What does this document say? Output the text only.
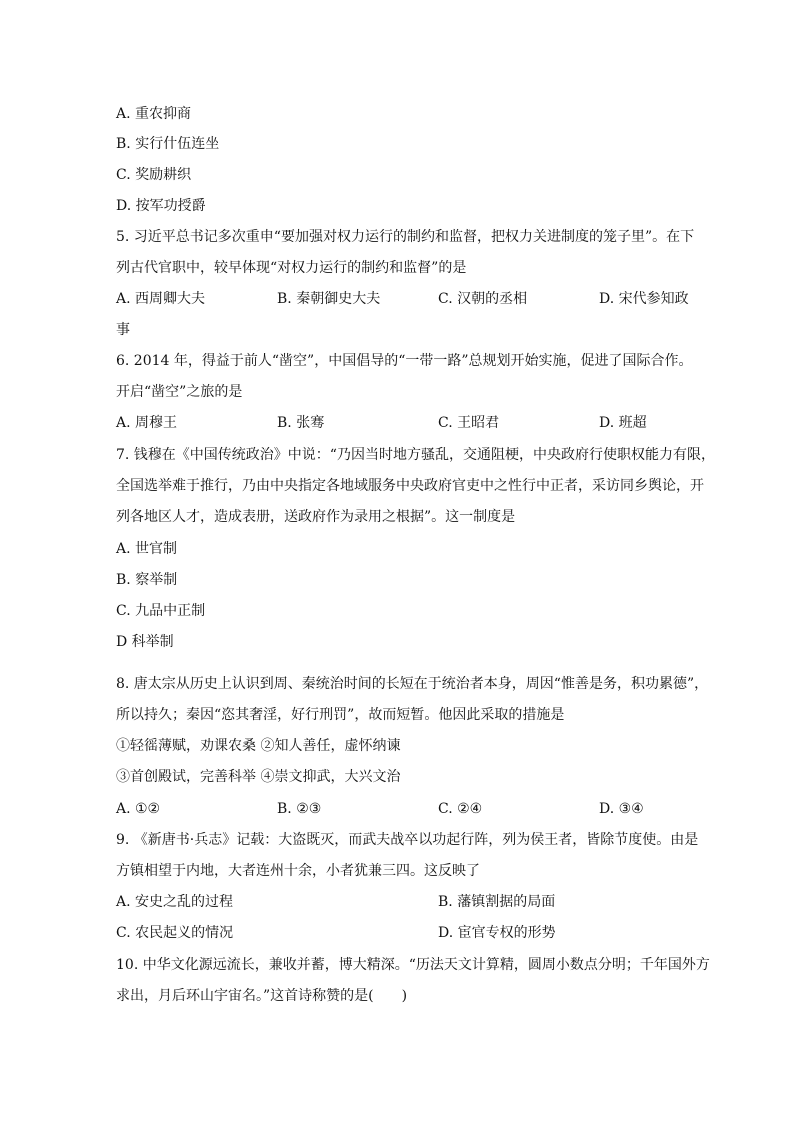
A. 重农抑商
B. 实行什伍连坐
C. 奖励耕织
D. 按军功授爵
5. 习近平总书记多次重申“要加强对权力运行的制约和监督，把权力关进制度的笼子里”。在下
列古代官职中，较早体现“对权力运行的制约和监督”的是
A. 西周卿大夫	B. 秦朝御史大夫	C. 汉朝的丞相	D. 宋代参知政
事
6. 2014 年，得益于前人“凿空”，中国倡导的“一带一路”总规划开始实施，促进了国际合作。
开启“凿空”之旅的是
A. 周穆王	B. 张骞	C. 王昭君	D. 班超
7. 钱穆在《中国传统政治》中说：“乃因当时地方骚乱，交通阻梗，中央政府行使职权能力有限，
全国选举难于推行，乃由中央指定各地域服务中央政府官吏中之性行中正者，采访同乡舆论，开
列各地区人才，造成表册，送政府作为录用之根据”。这一制度是
A. 世官制
B. 察举制
C. 九品中正制
D 科举制
8. 唐太宗从历史上认识到周、秦统治时间的长短在于统治者本身，周因“惟善是务，积功累德”，
所以持久；秦因“恣其奢淫，好行刑罚”，故而短暂。他因此采取的措施是
①轻徭薄赋，劝课农桑 ②知人善任，虚怀纳谏
③首创殿试，完善科举 ④崇文抑武，大兴文治
A. ①②	B. ②③	C. ②④	D. ③④
9. 《新唐书·兵志》记载：大盗既灭，而武夫战卒以功起行阵，列为侯王者，皆除节度使。由是
方镇相望于内地，大者连州十余，小者犹兼三四。这反映了
A. 安史之乱的过程	B. 藩镇割据的局面
C. 农民起义的情况	D. 宦官专权的形势
10. 中华文化源远流长，兼收并蓄，博大精深。“历法天文计算精，圆周小数点分明；千年国外方
求出，月后环山宇宙名。”这首诗称赞的是(　　)
